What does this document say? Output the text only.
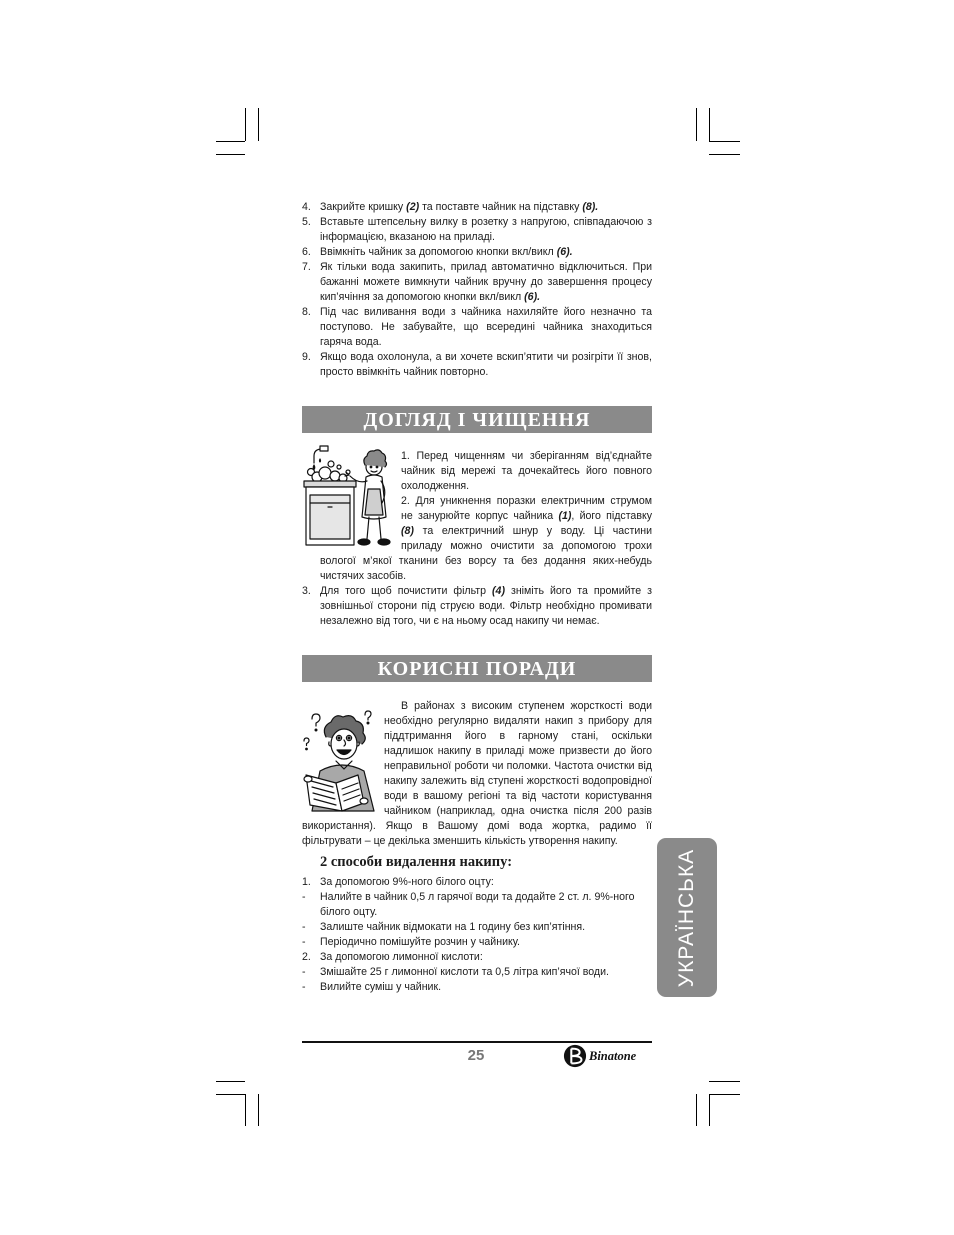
4. Закрийте кришку (2) та поставте чайник на підставку (8).
5. Вставьте штепсельну вилку в розетку з напругою, співпадаючою з інформацією, вказаною на приладі.
6. Ввімкніть чайник за допомогою кнопки вкл/викл (6).
7. Як тільки вода закипить, прилад автоматично відключиться. При бажанні можете вимкнути чайник вручну до завершення процесу кип’ячіння за допомогою кнопки вкл/викл (6).
8. Під час виливання води з чайника нахиляйте його незначно та поступово. Не забувайте, що всередині чайника знаходиться гаряча вода.
9. Якщо вода охолонула, а ви хочете вскип’ятити чи розігріти її знов, просто ввімкніть чайник повторно.
ДОГЛЯД І ЧИЩЕННЯ

1. Перед чищенням чи зберіганням від’єднайте чайник від мережі та дочекайтесь його повного охолодження.

2. Для уникнення поразки електричним струмом не занурюйте корпус чайника (1), його підставку (8) та електричний шнур у воду. Ці частини приладу можно очистити за допомогою трохи вологої м’якої тканини без ворсу та без додання яких-небудь чистячих засобів.

3. Для того щоб почистити фільтр (4) зніміть його та промийте з зовнішньої сторони під струєю води. Фільтр необхідно промивати незалежно від того, чи є на ньому осад накипу чи немає.
КОРИСНІ ПОРАДИ

В районах з високим ступенем жорсткості води необхідно регулярно видаляти накип з прибору для піддтримання його в гарному стані, оскільки надлишок накипу в приладі може призвести до його неправильної роботи чи поломки. Частота очистки від накипу залежить від ступені жорсткості водопровідної води в вашому регіоні та від частоти користування чайником (наприклад, одна очистка після 200 разів використання). Якщо в Вашому домі вода жортка, радимо її фільтрувати – це декілька зменшить кількість утворення накипу.

2 способи видалення накипу:
1. За допомогою 9%-ного білого оцту:
- Налийте в чайник 0,5 л гарячої води та додайте 2 ст. л. 9%-ного білого оцту.
- Залиште чайник відмокати на 1 годину без кип’ятіння.
- Періодично помішуйте розчин у чайнику.
2. За допомогою лимонної кислоти:
- Змішайте 25 г лимонної кислоти та 0,5 літра кип’ячої води.
- Вилийте суміш у чайник.
25	Binatone
УКРАЇНСЬКА
